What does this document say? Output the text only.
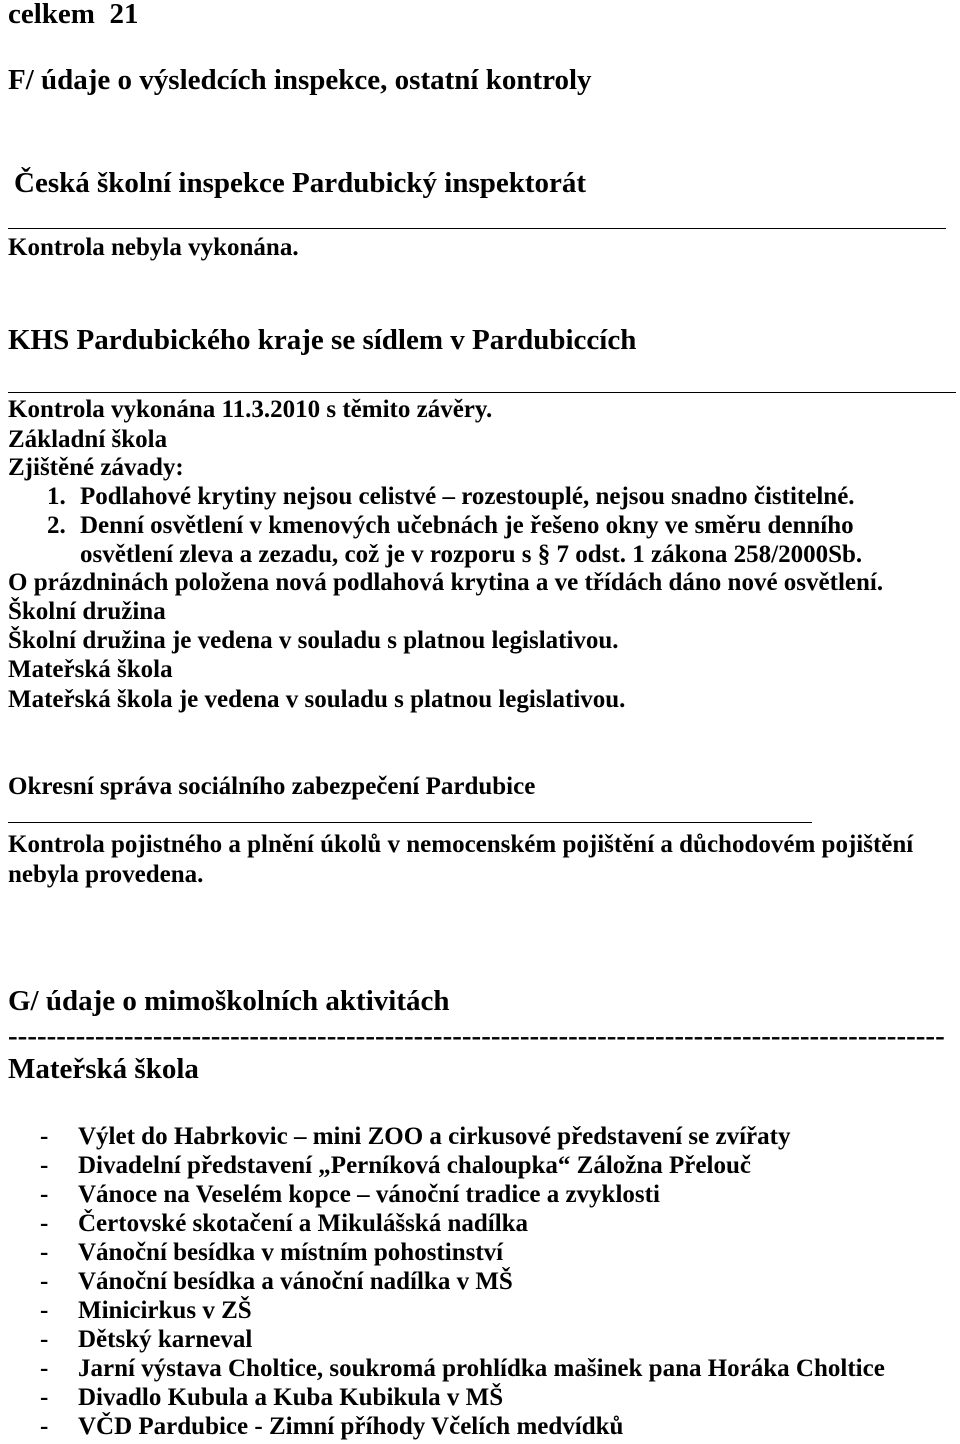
celkem  21
F/ údaje o výsledcích inspekce, ostatní kontroly
Česká školní inspekce Pardubický inspektorát
Kontrola nebyla vykonána.
KHS Pardubického kraje se sídlem v Pardubiccích
Kontrola vykonána 11.3.2010 s těmito závěry.
Základní škola
Zjištěné závady:
1. Podlahové krytiny nejsou celistvé – rozestouplé, nejsou snadno čistitelné.
2. Denní osvětlení v kmenových učebnách je řešeno okny ve směru denního
osvětlení zleva a zezadu, což je v rozporu s § 7 odst. 1 zákona 258/2000Sb.
O prázdninách položena nová podlahová krytina a ve třídách dáno nové osvětlení.
Školní družina
Školní družina je vedena v souladu s platnou legislativou.
Mateřská škola
Mateřská škola je vedena v souladu s platnou legislativou.
Okresní správa sociálního zabezpečení Pardubice
Kontrola pojistného a plnění úkolů v nemocenském pojištění a důchodovém pojištění
nebyla provedena.
G/ údaje o mimoškolních aktivitách
-------------------------------------------------------------------------------------------------
Mateřská škola
- Výlet do Habrkovic – mini ZOO a cirkusové představení se zvířaty
- Divadelní představení „Perníková chaloupka“ Záložna Přelouč
- Vánoce na Veselém kopce – vánoční tradice a zvyklosti
- Čertovské skotačení a Mikulášská nadílka
- Vánoční besídka v místním pohostinství
- Vánoční besídka a vánoční nadílka v MŠ
- Minicirkus v ZŠ
- Dětský karneval
- Jarní výstava Choltice, soukromá prohlídka mašinek pana Horáka Choltice
- Divadlo Kubula a Kuba Kubikula v MŠ
- VČD Pardubice - Zimní příhody Včelích medvídků
